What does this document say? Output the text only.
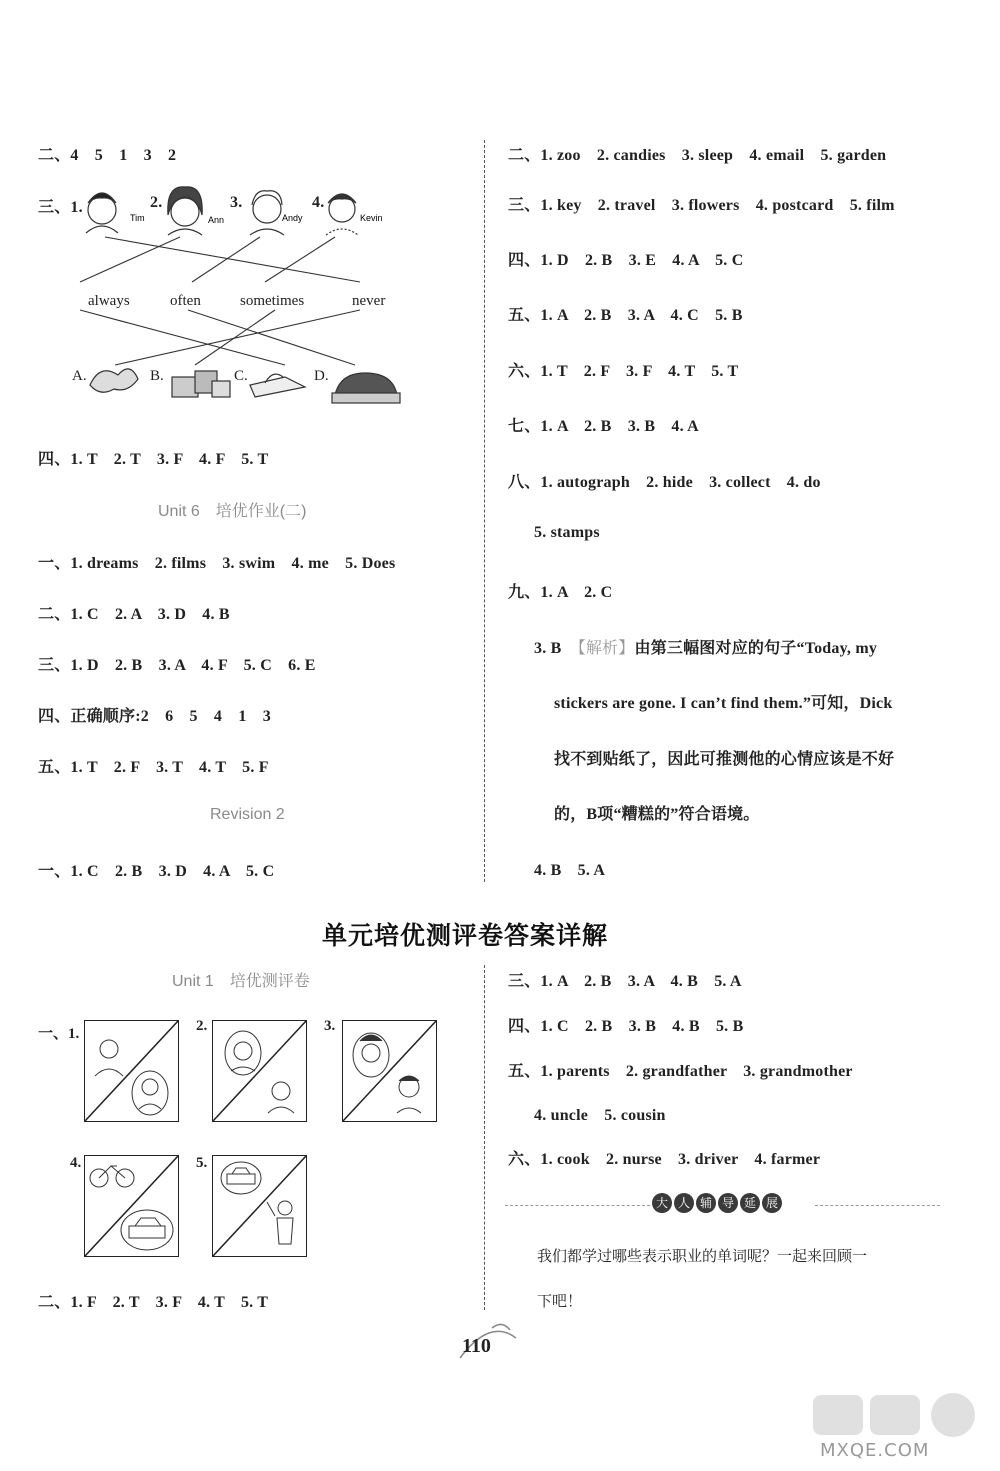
二、4　5　1　3　2
三、1.	2.	3.	4.
Tim	Ann	Andy	Kevin
always	often	sometimes	never
A.	B.	C.	D.
四、1. T　2. T　3. F　4. F　5. T
Unit 6　培优作业(二)
一、1. dreams　2. films　3. swim　4. me　5. Does
二、1. C　2. A　3. D　4. B
三、1. D　2. B　3. A　4. F　5. C　6. E
四、正确顺序:2　6　5　4　1　3
五、1. T　2. F　3. T　4. T　5. F
Revision 2
一、1. C　2. B　3. D　4. A　5. C
二、1. zoo　2. candies　3. sleep　4. email　5. garden
三、1. key　2. travel　3. flowers　4. postcard　5. film
四、1. D　2. B　3. E　4. A　5. C
五、1. A　2. B　3. A　4. C　5. B
六、1. T　2. F　3. F　4. T　5. T
七、1. A　2. B　3. B　4. A
八、1. autograph　2. hide　3. collect　4. do
5. stamps
九、1. A　2. C
3. B　【解析】由第三幅图对应的句子“Today, my
stickers are gone. I can’t find them.”可知，Dick
找不到贴纸了，因此可推测他的心情应该是不好
的，B项“糟糕的”符合语境。
4. B　5. A
单元培优测评卷答案详解
Unit 1　培优测评卷
一、1.	2.	3.
4.	5.
二、1. F　2. T　3. F　4. T　5. T
三、1. A　2. B　3. A　4. B　5. A
四、1. C　2. B　3. B　4. B　5. B
五、1. parents　2. grandfather　3. grandmother
4. uncle　5. cousin
六、1. cook　2. nurse　3. driver　4. farmer
大 人 辅 导 延 展
我们都学过哪些表示职业的单词呢？一起来回顾一
下吧！
110
MXQE.COM
